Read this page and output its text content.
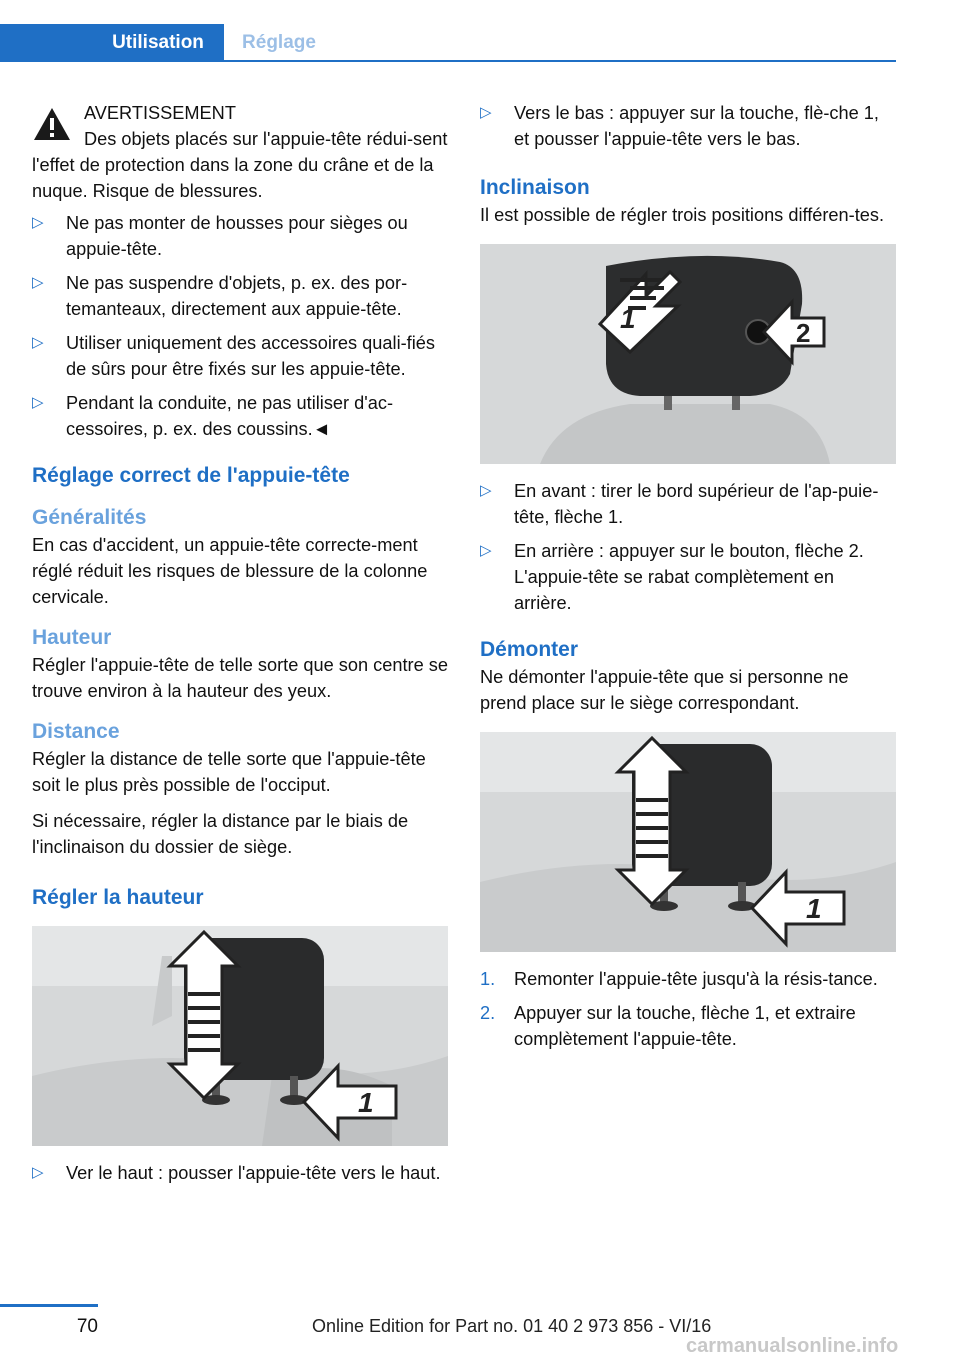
Utilisation	Réglage
AVERTISSEMENT
Des objets placés sur l'appuie-tête rédui-sent l'effet de protection dans la zone du crâne et de la nuque. Risque de blessures.
▷	Ne pas monter de housses pour sièges ou appuie-tête.
▷	Ne pas suspendre d'objets, p. ex. des por-temanteaux, directement aux appuie-tête.
▷	Utiliser uniquement des accessoires quali-fiés de sûrs pour être fixés sur les appuie-tête.
▷	Pendant la conduite, ne pas utiliser d'ac-cessoires, p. ex. des coussins.◄
Réglage correct de l'appuie-tête
Généralités

En cas d'accident, un appuie-tête correcte-ment réglé réduit les risques de blessure de la colonne cervicale.

Hauteur

Régler l'appuie-tête de telle sorte que son centre se trouve environ à la hauteur des yeux.

Distance

Régler la distance de telle sorte que l'appuie-tête soit le plus près possible de l'occiput.

Si nécessaire, régler la distance par le biais de l'inclinaison du dossier de siège.

Régler la hauteur
1
▷	Ver le haut : pousser l'appuie-tête vers le haut.
▷	Vers le bas : appuyer sur la touche, flè-che 1, et pousser l'appuie-tête vers le bas.
Inclinaison

Il est possible de régler trois positions différen-tes.

1	2
▷	En avant : tirer le bord supérieur de l'ap-puie-tête, flèche 1.
▷	En arrière : appuyer sur le bouton, flèche 2. L'appuie-tête se rabat complètement en arrière.
Démonter

Ne démonter l'appuie-tête que si personne ne prend place sur le siège correspondant.

1
1. Remonter l'appuie-tête jusqu'à la résis-tance.
2. Appuyer sur la touche, flèche 1, et extraire complètement l'appuie-tête.
70	Online Edition for Part no. 01 40 2 973 856 - VI/16
carmanualsonline.info
